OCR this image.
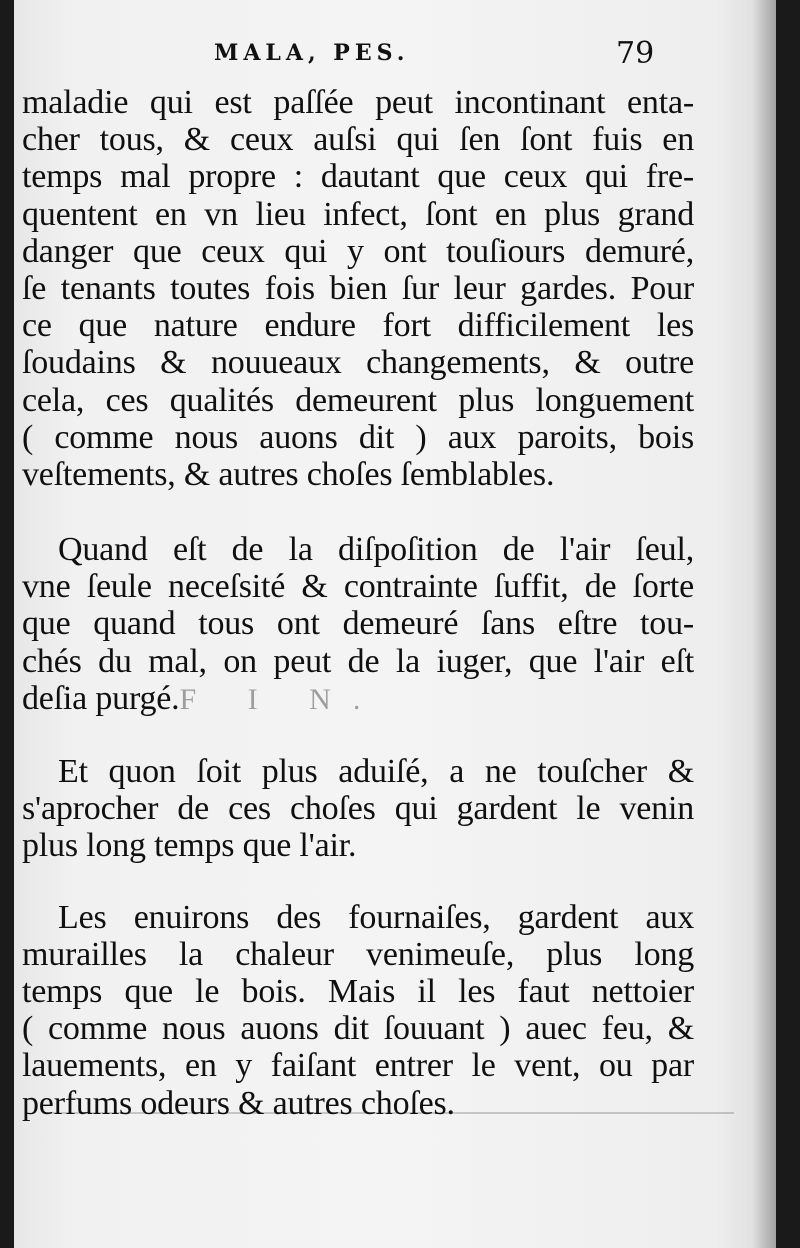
MALA, PES.	79
maladie qui est paſſée peut incontinant enta-
cher tous, & ceux auſsi qui ſen ſont fuis en
temps mal propre : dautant que ceux qui fre-
quentent en vn lieu infect, ſont en plus grand
danger que ceux qui y ont touſiours demuré,
ſe tenants toutes fois bien ſur leur gardes. Pour
ce que nature endure fort difficilement les
ſoudains & nouueaux changements, & outre
cela, ces qualités demeurent plus longuement
( comme nous auons dit ) aux paroits, bois
veſtements, & autres choſes ſemblables.
Quand eſt de la diſpoſition de l'air ſeul,
vne ſeule neceſsité & contrainte ſuffit, de ſorte
que quand tous ont demeuré ſans eſtre tou-
chés du mal, on peut de la iuger, que l'air eſt
deſia purgé.F I N.
Et quon ſoit plus aduiſé, a ne touſcher &
s'aprocher de ces choſes qui gardent le venin
plus long temps que l'air.
Les enuirons des fournaiſes, gardent aux
murailles la chaleur venimeuſe, plus long
temps que le bois. Mais il les faut nettoier
( comme nous auons dit ſouuant ) auec feu, &
lauements, en y faiſant entrer le vent, ou par
perfums odeurs & autres choſes.
